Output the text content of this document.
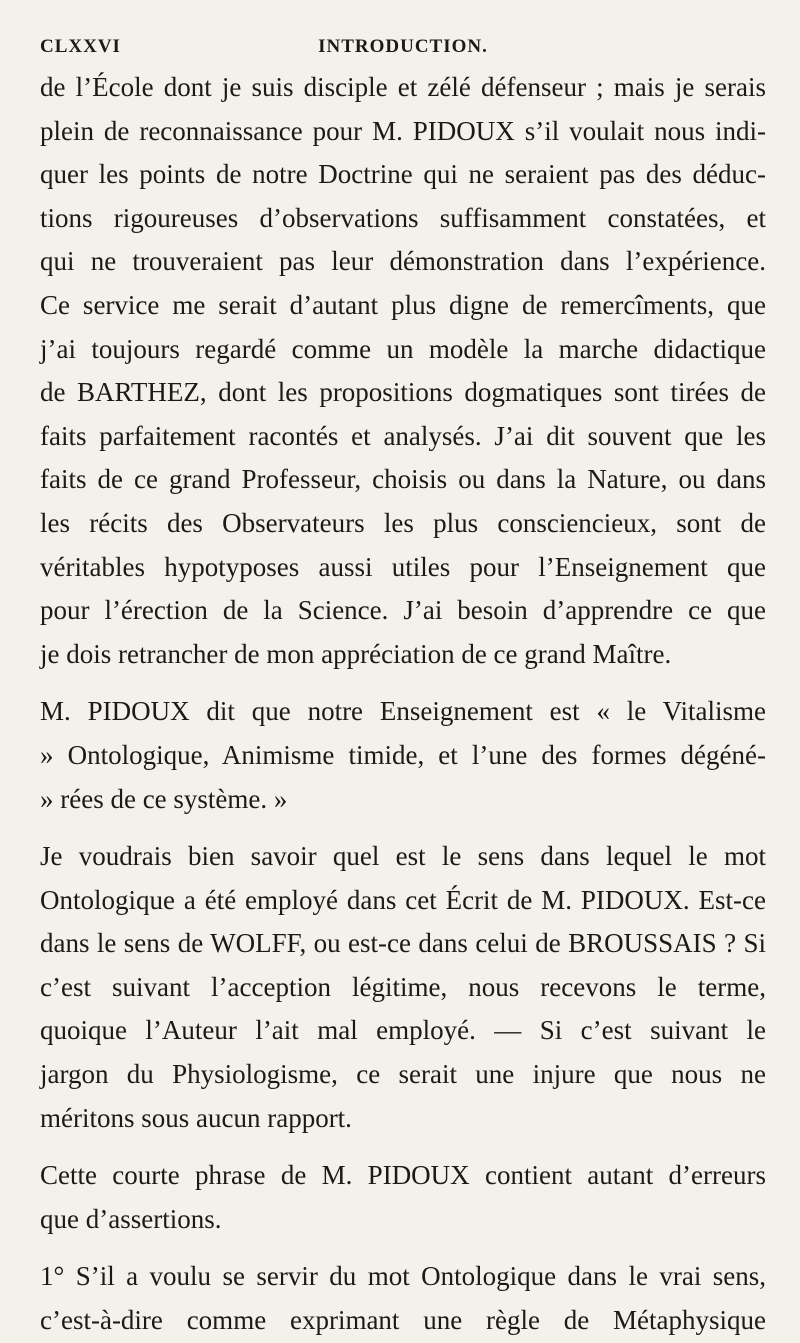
CLXXVI	INTRODUCTION.

de l’École dont je suis disciple et zélé défenseur ; mais je serais
plein de reconnaissance pour M. PIDOUX s’il voulait nous indi-
quer les points de notre Doctrine qui ne seraient pas des déduc-
tions rigoureuses d’observations suffisamment constatées, et
qui ne trouveraient pas leur démonstration dans l’expérience.
Ce service me serait d’autant plus digne de remercîments, que
j’ai toujours regardé comme un modèle la marche didactique
de BARTHEZ, dont les propositions dogmatiques sont tirées de
faits parfaitement racontés et analysés. J’ai dit souvent que les
faits de ce grand Professeur, choisis ou dans la Nature, ou dans
les récits des Observateurs les plus consciencieux, sont de
véritables hypotyposes aussi utiles pour l’Enseignement que
pour l’érection de la Science. J’ai besoin d’apprendre ce que
je dois retrancher de mon appréciation de ce grand Maître.

M. PIDOUX dit que notre Enseignement est « le Vitalisme
» Ontologique, Animisme timide, et l’une des formes dégéné-
» rées de ce système. »

Je voudrais bien savoir quel est le sens dans lequel le mot
Ontologique a été employé dans cet Écrit de M. PIDOUX. Est-ce
dans le sens de WOLFF, ou est-ce dans celui de BROUSSAIS ? Si
c’est suivant l’acception légitime, nous recevons le terme,
quoique l’Auteur l’ait mal employé. — Si c’est suivant le
jargon du Physiologisme, ce serait une injure que nous ne
méritons sous aucun rapport.

Cette courte phrase de M. PIDOUX contient autant d’erreurs
que d’assertions.

1° S’il a voulu se servir du mot Ontologique dans le vrai sens,
c’est-à-dire comme exprimant une règle de Métaphysique
